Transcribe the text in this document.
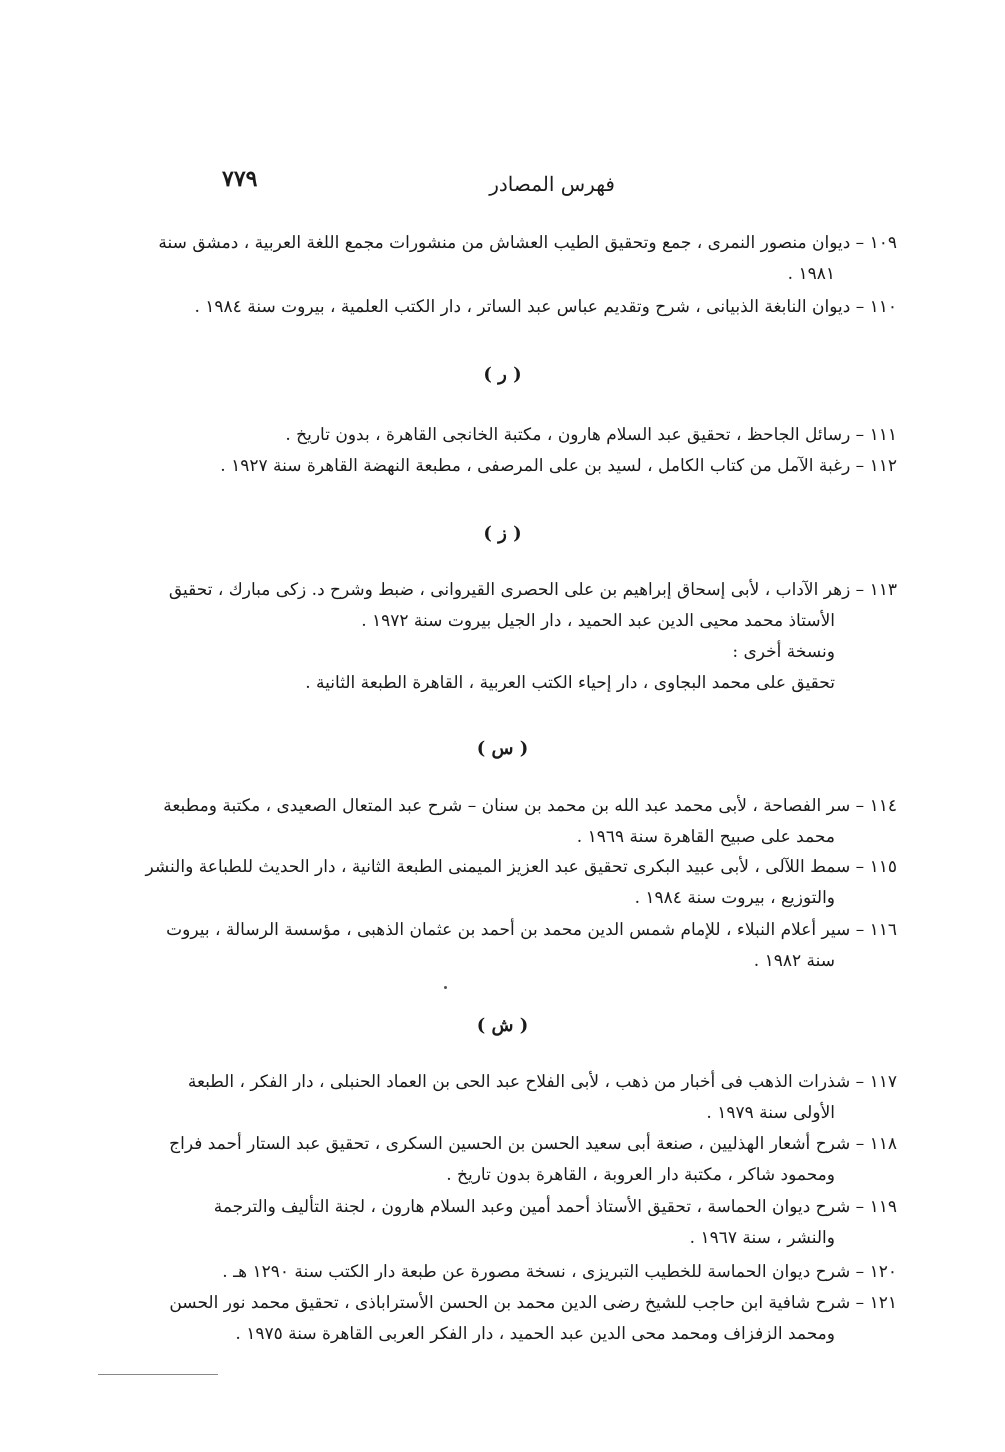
فهرس المصادر
٧٧٩
١٠٩ – ديوان منصور النمرى ، جمع وتحقيق الطيب العشاش من منشورات مجمع اللغة العربية ، دمشق سنة
١٩٨١ .
١١٠ – ديوان النابغة الذبيانى ، شرح وتقديم عباس عبد الساتر ، دار الكتب العلمية ، بيروت سنة ١٩٨٤ .
( ر )
١١١ – رسائل الجاحظ ، تحقيق عبد السلام هارون ، مكتبة الخانجى القاهرة ، بدون تاريخ .
١١٢ – رغبة الآمل من كتاب الكامل ، لسيد بن على المرصفى ، مطبعة النهضة القاهرة سنة ١٩٢٧ .
( ز )
١١٣ – زهر الآداب ، لأبى إسحاق إبراهيم بن على الحصرى القيروانى ، ضبط وشرح د. زكى مبارك ، تحقيق
الأستاذ محمد محيى الدين عبد الحميد ، دار الجيل بيروت سنة ١٩٧٢ .
ونسخة أخرى :
تحقيق على محمد البجاوى ، دار إحياء الكتب العربية ، القاهرة الطبعة الثانية .
( س )
١١٤ – سر الفصاحة ، لأبى محمد عبد الله بن محمد بن سنان – شرح عبد المتعال الصعيدى ، مكتبة ومطبعة
محمد على صبيح القاهرة سنة ١٩٦٩ .
١١٥ – سمط اللآلى ، لأبى عبيد البكرى تحقيق عبد العزيز الميمنى الطبعة الثانية ، دار الحديث للطباعة والنشر
والتوزيع ، بيروت سنة ١٩٨٤ .
١١٦ – سير أعلام النبلاء ، للإمام شمس الدين محمد بن أحمد بن عثمان الذهبى ، مؤسسة الرسالة ، بيروت
سنة ١٩٨٢ .
( ش )
١١٧ – شذرات الذهب فى أخبار من ذهب ، لأبى الفلاح عبد الحى بن العماد الحنبلى ، دار الفكر ، الطبعة
الأولى سنة ١٩٧٩ .
١١٨ – شرح أشعار الهذليين ، صنعة أبى سعيد الحسن بن الحسين السكرى ، تحقيق عبد الستار أحمد فراج
ومحمود شاكر ، مكتبة دار العروبة ، القاهرة بدون تاريخ .
١١٩ – شرح ديوان الحماسة ، تحقيق الأستاذ أحمد أمين وعبد السلام هارون ، لجنة التأليف والترجمة
والنشر ، سنة ١٩٦٧ .
١٢٠ – شرح ديوان الحماسة للخطيب التبريزى ، نسخة مصورة عن طبعة دار الكتب سنة ١٢٩٠ هـ .
١٢١ – شرح شافية ابن حاجب للشيخ رضى الدين محمد بن الحسن الأستراباذى ، تحقيق محمد نور الحسن
ومحمد الزفزاف ومحمد محى الدين عبد الحميد ، دار الفكر العربى القاهرة سنة ١٩٧٥ .
